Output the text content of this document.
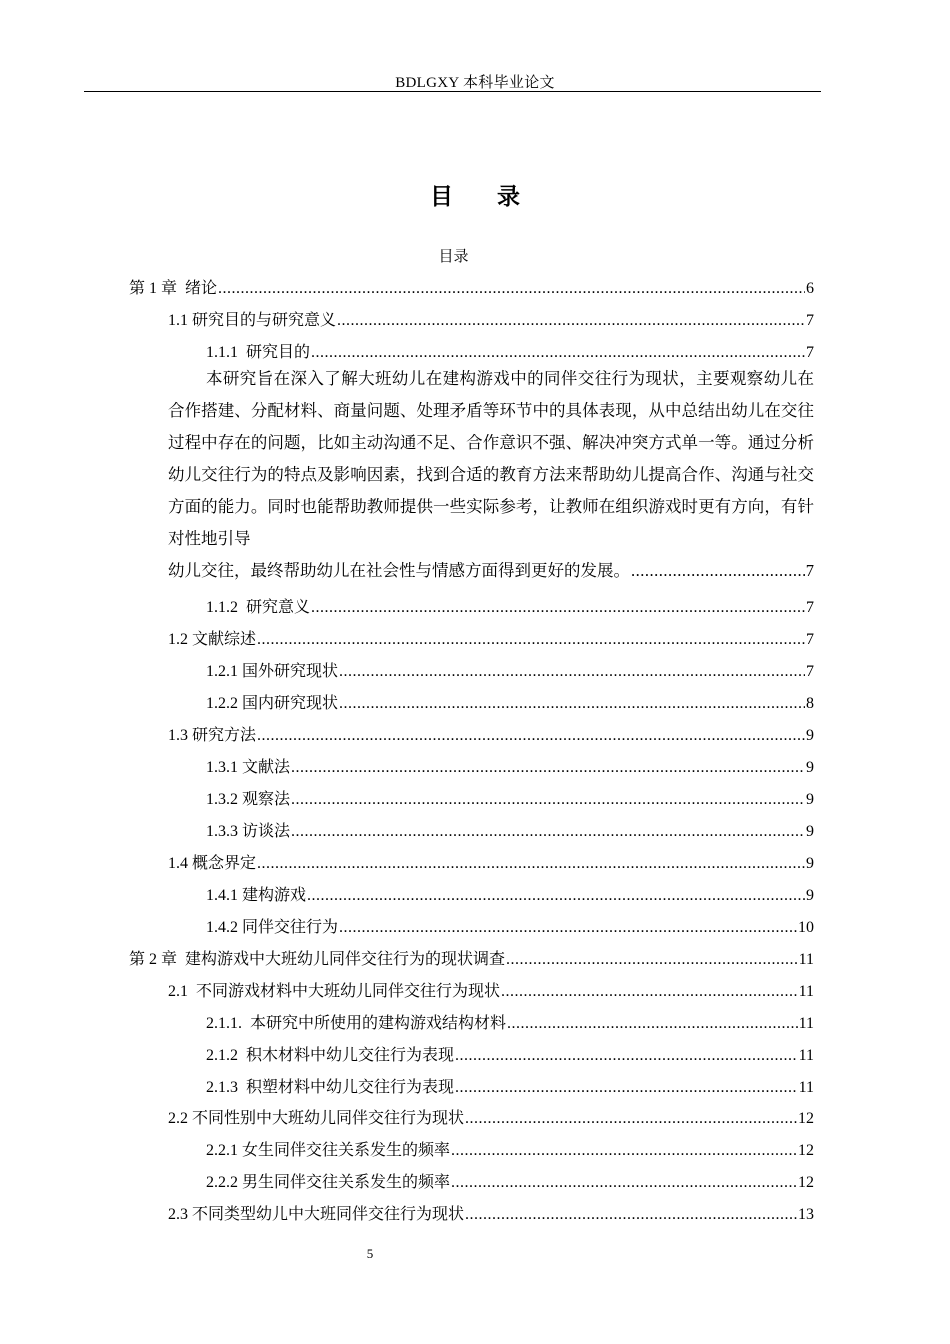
BDLGXY 本科毕业论文
目 录
目录
第 1 章  绪论 .....	6
1.1 研究目的与研究意义 .....	7
1.1.1  研究目的 .....	7
1.1.2  研究意义 .....	7
1.2 文献综述 .....	7
1.2.1 国外研究现状 .....	7
1.2.2 国内研究现状 .....	8
1.3 研究方法 .....	9
1.3.1 文献法 .....	9
1.3.2 观察法 .....	9
1.3.3 访谈法 .....	9
1.4 概念界定 .....	9
1.4.1 建构游戏 .....	9
1.4.2 同伴交往行为 .....	10
第 2 章  建构游戏中大班幼儿同伴交往行为的现状调查 .....	11
2.1  不同游戏材料中大班幼儿同伴交往行为现状 .....	11
2.1.1.  本研究中所使用的建构游戏结构材料 .....	11
2.1.2  积木材料中幼儿交往行为表现 .....	11
2.1.3  积塑材料中幼儿交往行为表现 .....	11
2.2 不同性别中大班幼儿同伴交往行为现状 .....	12
2.2.1 女生同伴交往关系发生的频率 .....	12
2.2.2 男生同伴交往关系发生的频率 .....	12
2.3 不同类型幼儿中大班同伴交往行为现状 .....	13
本研究旨在深入了解大班幼儿在建构游戏中的同伴交往行为现状，主要观察幼儿在合作搭建、分配材料、商量问题、处理矛盾等环节中的具体表现，从中总结出幼儿在交往过程中存在的问题，比如主动沟通不足、合作意识不强、解决冲突方式单一等。通过分析幼儿交往行为的特点及影响因素，找到合适的教育方法来帮助幼儿提高合作、沟通与社交方面的能力。同时也能帮助教师提供一些实际参考，让教师在组织游戏时更有方向，有针对性地引导
幼儿交往，最终帮助幼儿在社会性与情感方面得到更好的发展。 .....	7
5
